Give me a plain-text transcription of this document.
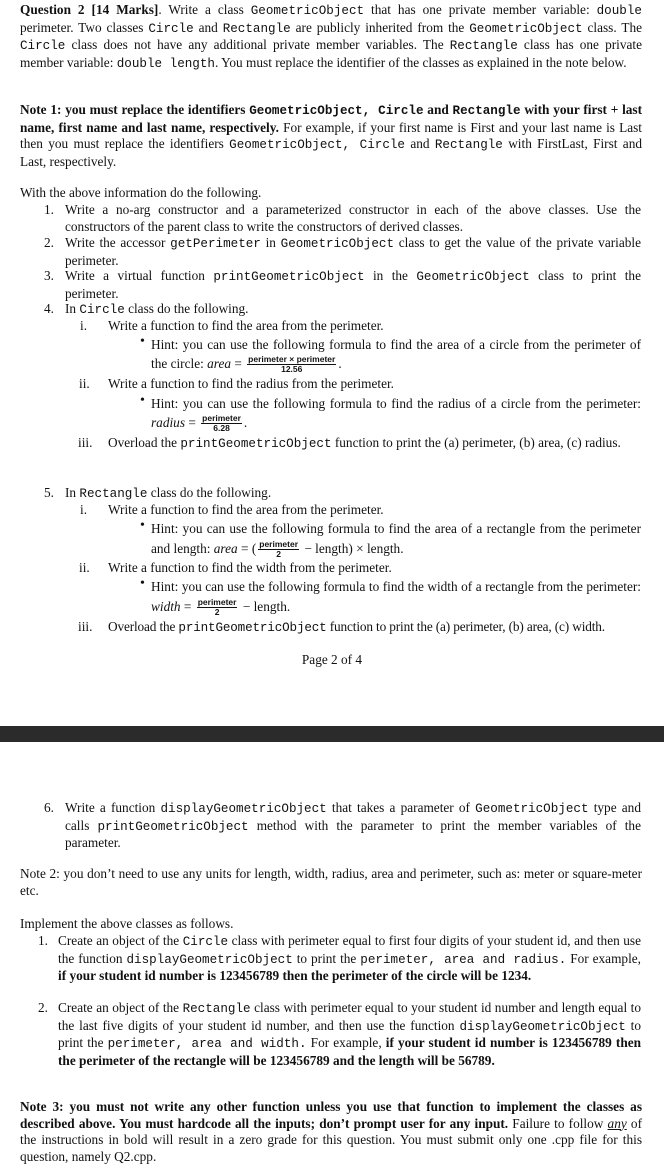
Question 2 [14 Marks]. Write a class GeometricObject that has one private member variable: double perimeter. Two classes Circle and Rectangle are publicly inherited from the GeometricObject class. The Circle class does not have any additional private member variables. The Rectangle class has one private member variable: double length. You must replace the identifier of the classes as explained in the note below.

Note 1: you must replace the identifiers GeometricObject, Circle and Rectangle with your first + last name, first name and last name, respectively. For example, if your first name is First and your last name is Last then you must replace the identifiers GeometricObject, Circle and Rectangle with FirstLast, First and Last, respectively.

With the above information do the following.

1. Write a no-arg constructor and a parameterized constructor in each of the above classes. Use the constructors of the parent class to write the constructors of derived classes.

2. Write the accessor getPerimeter in GeometricObject class to get the value of the private variable perimeter.

3. Write a virtual function printGeometricObject in the GeometricObject class to print the perimeter.

4. In Circle class do the following.

i. Write a function to find the area from the perimeter.

• Hint: you can use the following formula to find the area of a circle from the perimeter of the circle: area = $\frac{\text{perimeter × perimeter}}{12.56}$ .

ii. Write a function to find the radius from the perimeter.

• Hint: you can use the following formula to find the radius of a circle from the perimeter: radius = $\frac{\text{perimeter}}{6.28}$ .

iii. Overload the printGeometricObject function to print the (a) perimeter, (b) area, (c) radius.

5. In Rectangle class do the following.

i. Write a function to find the area from the perimeter.

• Hint: you can use the following formula to find the area of a rectangle from the perimeter and length: area = ( $\frac{\text{perimeter}}{2}$ − length) × length.

ii. Write a function to find the width from the perimeter.

• Hint: you can use the following formula to find the width of a rectangle from the perimeter: width = $\frac{\text{perimeter}}{2}$ − length.

iii. Overload the printGeometricObject function to print the (a) perimeter, (b) area, (c) width.

Page 2 of 4

6. Write a function displayGeometricObject that takes a parameter of GeometricObject type and calls printGeometricObject method with the parameter to print the member variables of the parameter.

Note 2: you don’t need to use any units for length, width, radius, area and perimeter, such as: meter or square-meter etc.

Implement the above classes as follows.

1. Create an object of the Circle class with perimeter equal to first four digits of your student id, and then use the function displayGeometricObject to print the perimeter, area and radius. For example, if your student id number is 123456789 then the perimeter of the circle will be 1234.

2. Create an object of the Rectangle class with perimeter equal to your student id number and length equal to the last five digits of your student id number, and then use the function displayGeometricObject to print the perimeter, area and width. For example, if your student id number is 123456789 then the perimeter of the rectangle will be 123456789 and the length will be 56789.

Note 3: you must not write any other function unless you use that function to implement the classes as described above. You must hardcode all the inputs; don’t prompt user for any input. Failure to follow any of the instructions in bold will result in a zero grade for this question. You must submit only one .cpp file for this question, namely Q2.cpp.
